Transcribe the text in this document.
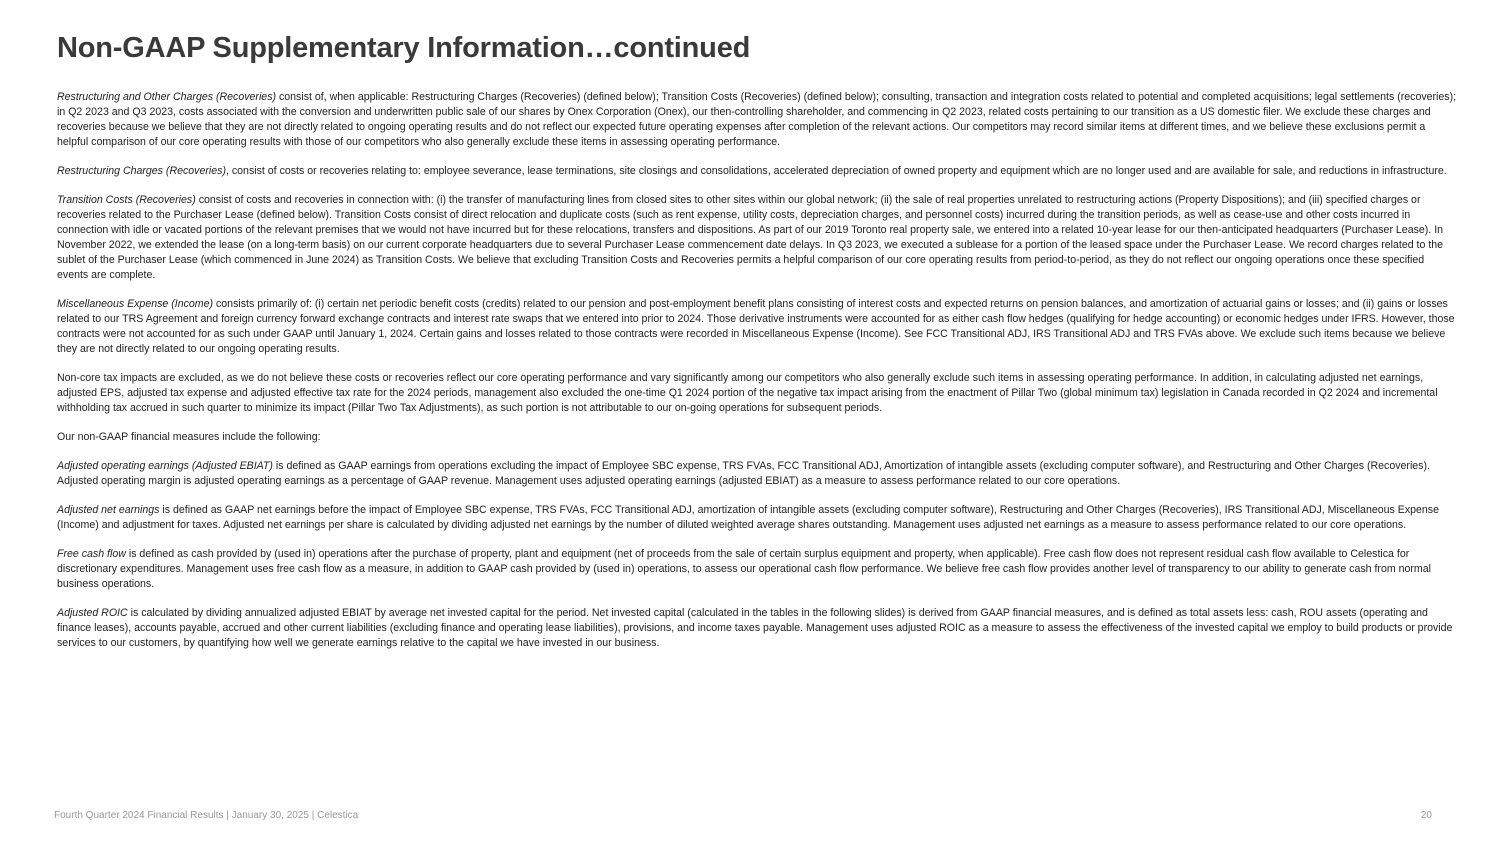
Non-GAAP Supplementary Information…continued

Restructuring and Other Charges (Recoveries) consist of, when applicable: Restructuring Charges (Recoveries) (defined below); Transition Costs (Recoveries) (defined below); consulting, transaction and integration costs related to potential and completed acquisitions; legal settlements (recoveries); in Q2 2023 and Q3 2023, costs associated with the conversion and underwritten public sale of our shares by Onex Corporation (Onex), our then-controlling shareholder, and commencing in Q2 2023, related costs pertaining to our transition as a US domestic filer. We exclude these charges and recoveries because we believe that they are not directly related to ongoing operating results and do not reflect our expected future operating expenses after completion of the relevant actions. Our competitors may record similar items at different times, and we believe these exclusions permit a helpful comparison of our core operating results with those of our competitors who also generally exclude these items in assessing operating performance.

Restructuring Charges (Recoveries), consist of costs or recoveries relating to: employee severance, lease terminations, site closings and consolidations, accelerated depreciation of owned property and equipment which are no longer used and are available for sale, and reductions in infrastructure.

Transition Costs (Recoveries) consist of costs and recoveries in connection with: (i) the transfer of manufacturing lines from closed sites to other sites within our global network; (ii) the sale of real properties unrelated to restructuring actions (Property Dispositions); and (iii) specified charges or recoveries related to the Purchaser Lease (defined below). Transition Costs consist of direct relocation and duplicate costs (such as rent expense, utility costs, depreciation charges, and personnel costs) incurred during the transition periods, as well as cease-use and other costs incurred in connection with idle or vacated portions of the relevant premises that we would not have incurred but for these relocations, transfers and dispositions. As part of our 2019 Toronto real property sale, we entered into a related 10-year lease for our then-anticipated headquarters (Purchaser Lease). In November 2022, we extended the lease (on a long-term basis) on our current corporate headquarters due to several Purchaser Lease commencement date delays. In Q3 2023, we executed a sublease for a portion of the leased space under the Purchaser Lease. We record charges related to the sublet of the Purchaser Lease (which commenced in June 2024) as Transition Costs. We believe that excluding Transition Costs and Recoveries permits a helpful comparison of our core operating results from period-to-period, as they do not reflect our ongoing operations once these specified events are complete.

Miscellaneous Expense (Income) consists primarily of: (i) certain net periodic benefit costs (credits) related to our pension and post-employment benefit plans consisting of interest costs and expected returns on pension balances, and amortization of actuarial gains or losses; and (ii) gains or losses related to our TRS Agreement and foreign currency forward exchange contracts and interest rate swaps that we entered into prior to 2024. Those derivative instruments were accounted for as either cash flow hedges (qualifying for hedge accounting) or economic hedges under IFRS. However, those contracts were not accounted for as such under GAAP until January 1, 2024. Certain gains and losses related to those contracts were recorded in Miscellaneous Expense (Income). See FCC Transitional ADJ, IRS Transitional ADJ and TRS FVAs above. We exclude such items because we believe they are not directly related to our ongoing operating results.

Non-core tax impacts are excluded, as we do not believe these costs or recoveries reflect our core operating performance and vary significantly among our competitors who also generally exclude such items in assessing operating performance. In addition, in calculating adjusted net earnings, adjusted EPS, adjusted tax expense and adjusted effective tax rate for the 2024 periods, management also excluded the one-time Q1 2024 portion of the negative tax impact arising from the enactment of Pillar Two (global minimum tax) legislation in Canada recorded in Q2 2024 and incremental withholding tax accrued in such quarter to minimize its impact (Pillar Two Tax Adjustments), as such portion is not attributable to our on-going operations for subsequent periods.

Our non-GAAP financial measures include the following:

Adjusted operating earnings (Adjusted EBIAT) is defined as GAAP earnings from operations excluding the impact of Employee SBC expense, TRS FVAs, FCC Transitional ADJ, Amortization of intangible assets (excluding computer software), and Restructuring and Other Charges (Recoveries). Adjusted operating margin is adjusted operating earnings as a percentage of GAAP revenue. Management uses adjusted operating earnings (adjusted EBIAT) as a measure to assess performance related to our core operations.

Adjusted net earnings is defined as GAAP net earnings before the impact of Employee SBC expense, TRS FVAs, FCC Transitional ADJ, amortization of intangible assets (excluding computer software), Restructuring and Other Charges (Recoveries), IRS Transitional ADJ, Miscellaneous Expense (Income) and adjustment for taxes. Adjusted net earnings per share is calculated by dividing adjusted net earnings by the number of diluted weighted average shares outstanding. Management uses adjusted net earnings as a measure to assess performance related to our core operations.

Free cash flow is defined as cash provided by (used in) operations after the purchase of property, plant and equipment (net of proceeds from the sale of certain surplus equipment and property, when applicable). Free cash flow does not represent residual cash flow available to Celestica for discretionary expenditures. Management uses free cash flow as a measure, in addition to GAAP cash provided by (used in) operations, to assess our operational cash flow performance. We believe free cash flow provides another level of transparency to our ability to generate cash from normal business operations.

Adjusted ROIC is calculated by dividing annualized adjusted EBIAT by average net invested capital for the period. Net invested capital (calculated in the tables in the following slides) is derived from GAAP financial measures, and is defined as total assets less: cash, ROU assets (operating and finance leases), accounts payable, accrued and other current liabilities (excluding finance and operating lease liabilities), provisions, and income taxes payable. Management uses adjusted ROIC as a measure to assess the effectiveness of the invested capital we employ to build products or provide services to our customers, by quantifying how well we generate earnings relative to the capital we have invested in our business.

Fourth Quarter 2024 Financial Results | January 30, 2025 | Celestica	20
